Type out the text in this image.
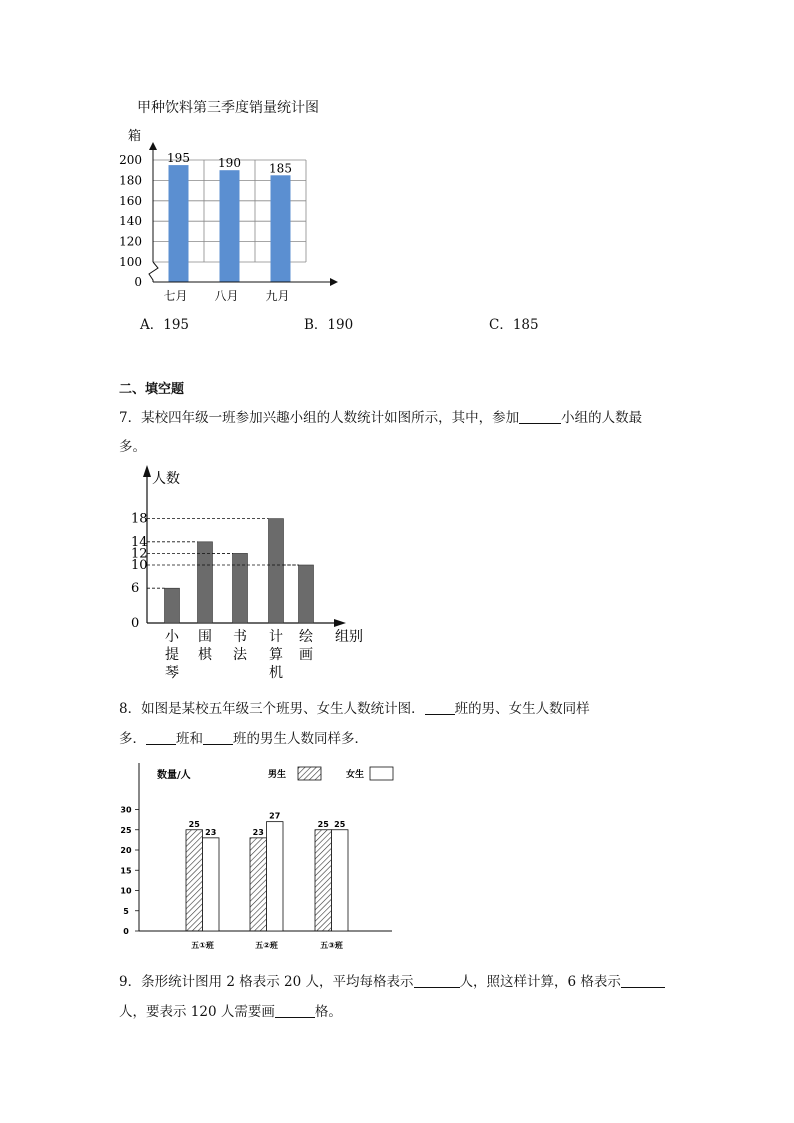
甲种饮料第三季度销量统计图
箱
195 190 185
0
100
120
140
160
180
200
七月 八月 九月
A．195	B．190	C．185
二、填空题
7．某校四年级一班参加兴趣小组的人数统计如图所示，其中，参加	小组的人数最
多。
人数
组别
0
6
10
12
14
18
小
提
琴
围
棋
书
法
计
算
机
绘
画
8．如图是某校五年级三个班男、女生人数统计图． 班的男、女生人数同样
多． 班和 班的男生人数同样多．
数量/人	男生	女生
0
5
10
15
20
25
30
25
23
五①班
23
27
五②班
25 25
五③班
9．条形统计图用 2 格表示 20 人，平均每格表示	人，照这样计算，6 格表示
人，要表示 120 人需要画	格。
